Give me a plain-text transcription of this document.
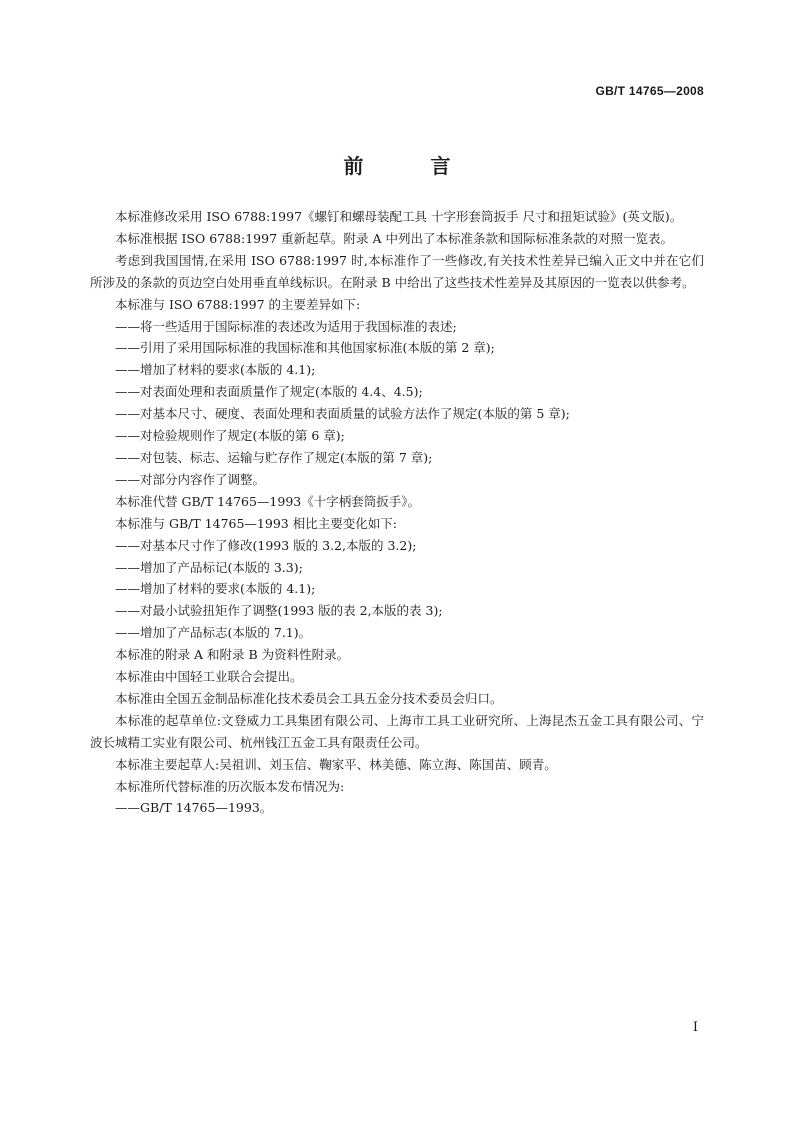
GB/T 14765—2008
前 言

本标准修改采用 ISO 6788:1997《螺钉和螺母装配工具 十字形套筒扳手 尺寸和扭矩试验》(英文版)。

本标准根据 ISO 6788:1997 重新起草。附录 A 中列出了本标准条款和国际标准条款的对照一览表。

考虑到我国国情,在采用 ISO 6788:1997 时,本标准作了一些修改,有关技术性差异已编入正文中并在它们所涉及的条款的页边空白处用垂直单线标识。在附录 B 中给出了这些技术性差异及其原因的一览表以供参考。

本标准与 ISO 6788:1997 的主要差异如下:

——将一些适用于国际标准的表述改为适用于我国标准的表述;

——引用了采用国际标准的我国标准和其他国家标准(本版的第 2 章);

——增加了材料的要求(本版的 4.1);

——对表面处理和表面质量作了规定(本版的 4.4、4.5);

——对基本尺寸、硬度、表面处理和表面质量的试验方法作了规定(本版的第 5 章);

——对检验规则作了规定(本版的第 6 章);

——对包装、标志、运输与贮存作了规定(本版的第 7 章);

——对部分内容作了调整。

本标准代替 GB/T 14765—1993《十字柄套筒扳手》。

本标准与 GB/T 14765—1993 相比主要变化如下:

——对基本尺寸作了修改(1993 版的 3.2,本版的 3.2);

——增加了产品标记(本版的 3.3);

——增加了材料的要求(本版的 4.1);

——对最小试验扭矩作了调整(1993 版的表 2,本版的表 3);

——增加了产品标志(本版的 7.1)。

本标准的附录 A 和附录 B 为资料性附录。

本标准由中国轻工业联合会提出。

本标准由全国五金制品标准化技术委员会工具五金分技术委员会归口。

本标准的起草单位:文登威力工具集团有限公司、上海市工具工业研究所、上海昆杰五金工具有限公司、宁波长城精工实业有限公司、杭州钱江五金工具有限责任公司。

本标准主要起草人:吴祖训、刘玉信、鞠家平、林美德、陈立海、陈国苗、顾青。

本标准所代替标准的历次版本发布情况为:

——GB/T 14765—1993。

I
